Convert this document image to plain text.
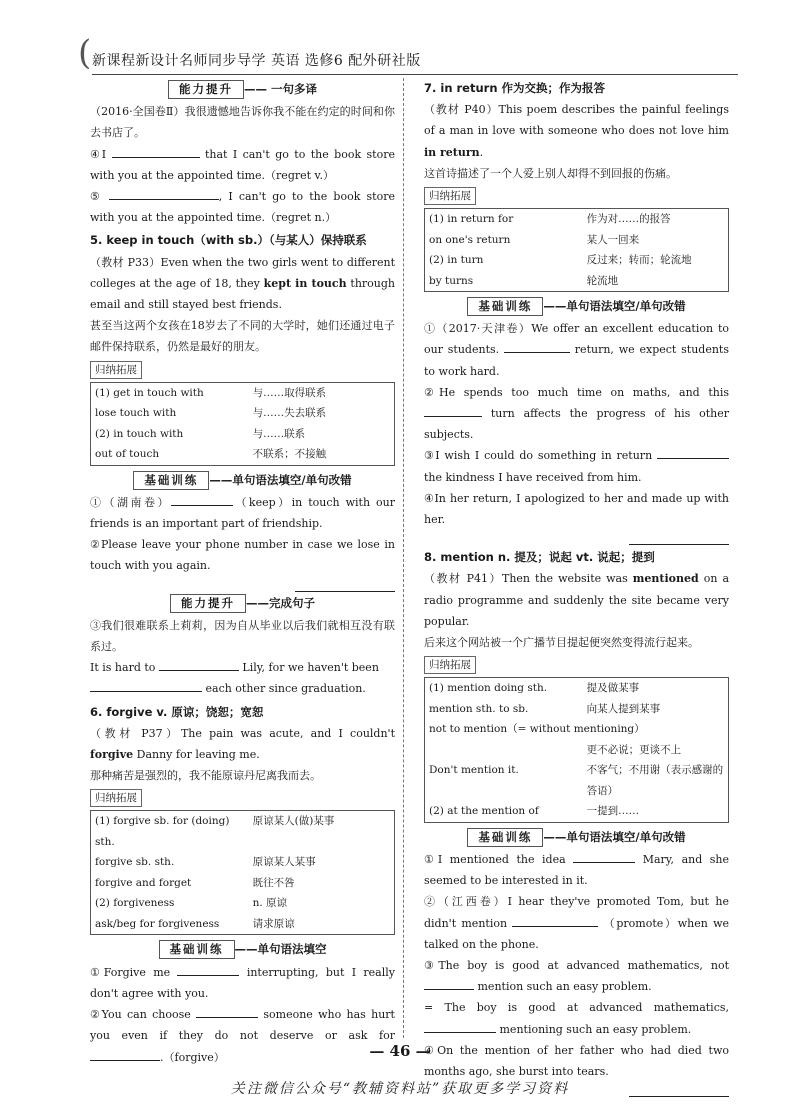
( 新课程新设计名师同步导学 英语 选修6 配外研社版
能力提升 —— 一句多译

（2016·全国卷Ⅱ）我很遗憾地告诉你我不能在约定的时间和你去书店了。

④I	that I can't go to the book store with you at the appointed time.（regret v.）

⑤	, I can't go to the book store with you at the appointed time.（regret n.）

5. keep in touch（with sb.）（与某人）保持联系

（教材 P33）Even when the two girls went to different colleges at the age of 18, they kept in touch through email and still stayed best friends.

甚至当这两个女孩在18岁去了不同的大学时，她们还通过电子邮件保持联系，仍然是最好的朋友。

归纳拓展
(1) get in touch with	与……取得联系
lose touch with	与……失去联系
(2) in touch with	与……联系
out of touch	不联系；不接触
基础训练 ——单句语法填空/单句改错

①（湖南卷）	（keep）in touch with our friends is an important part of friendship.

②Please leave your phone number in case we lose in touch with you again.

能力提升 ——完成句子

③我们很难联系上莉莉，因为自从毕业以后我们就相互没有联系过。

It is hard to	Lily, for we haven't been

each other since graduation.

6. forgive v. 原谅；饶恕；宽恕

（教材 P37）The pain was acute, and I couldn't forgive Danny for leaving me.

那种痛苦是强烈的，我不能原谅丹尼离我而去。

归纳拓展
(1) forgive sb. for (doing) sth.	原谅某人(做)某事
forgive sb. sth.	原谅某人某事
forgive and forget	既往不咎
(2) forgiveness	n. 原谅
ask/beg for forgiveness	请求原谅
基础训练 ——单句语法填空

①Forgive me	interrupting, but I really don't agree with you.

②You can choose	someone who has hurt you even if they do not deserve or ask for .（forgive）

7. in return 作为交换；作为报答

（教材 P40）This poem describes the painful feelings of a man in love with someone who does not love him in return.

这首诗描述了一个人爱上别人却得不到回报的伤痛。

归纳拓展
(1) in return for	作为对……的报答
on one's return	某人一回来
(2) in turn	反过来；转而；轮流地
by turns	轮流地
基础训练 ——单句语法填空/单句改错

①（2017·天津卷）We offer an excellent education to our students.	return, we expect students to work hard.

②He spends too much time on maths, and this  turn affects the progress of his other subjects.

③I wish I could do something in return  the kindness I have received from him.

④In her return, I apologized to her and made up with her.

8. mention n. 提及；说起 vt. 说起；提到

（教材 P41）Then the website was mentioned on a radio programme and suddenly the site became very popular.

后来这个网站被一个广播节目提起便突然变得流行起来。

归纳拓展
(1) mention doing sth.	提及做某事
mention sth. to sb.	向某人提到某事
not to mention（= without mentioning）	
	更不必说；更谈不上
Don't mention it.	不客气；不用谢（表示感谢的答语）
(2) at the mention of	一提到……
基础训练 ——单句语法填空/单句改错

①I mentioned the idea	Mary, and she seemed to be interested in it.

②（江西卷）I hear they've promoted Tom, but he didn't mention	（promote）when we talked on the phone.

③The boy is good at advanced mathematics, not  mention such an easy problem.

= The boy is good at advanced mathematics,  mentioning such an easy problem.

④On the mention of her father who had died two months ago, she burst into tears.

— 46 —
关注微信公众号“教辅资料站”获取更多学习资料
